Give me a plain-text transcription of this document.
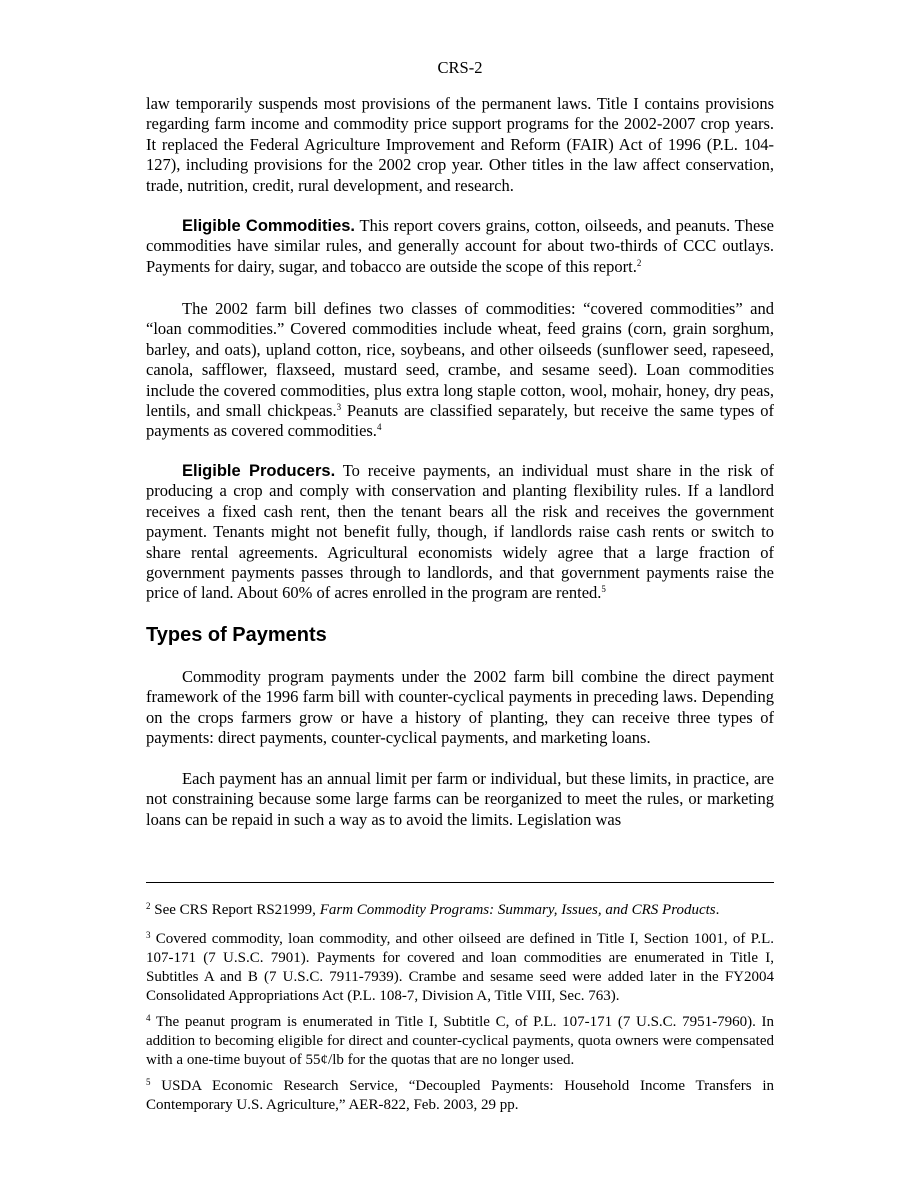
CRS-2

law temporarily suspends most provisions of the permanent laws. Title I contains provisions regarding farm income and commodity price support programs for the 2002-2007 crop years. It replaced the Federal Agriculture Improvement and Reform (FAIR) Act of 1996 (P.L. 104-127), including provisions for the 2002 crop year. Other titles in the law affect conservation, trade, nutrition, credit, rural development, and research.

Eligible Commodities. This report covers grains, cotton, oilseeds, and peanuts. These commodities have similar rules, and generally account for about two-thirds of CCC outlays. Payments for dairy, sugar, and tobacco are outside the scope of this report.$^2$

The 2002 farm bill defines two classes of commodities: “covered commodities” and “loan commodities.” Covered commodities include wheat, feed grains (corn, grain sorghum, barley, and oats), upland cotton, rice, soybeans, and other oilseeds (sunflower seed, rapeseed, canola, safflower, flaxseed, mustard seed, crambe, and sesame seed). Loan commodities include the covered commodities, plus extra long staple cotton, wool, mohair, honey, dry peas, lentils, and small chickpeas.$^3$ Peanuts are classified separately, but receive the same types of payments as covered commodities.$^4$

Eligible Producers. To receive payments, an individual must share in the risk of producing a crop and comply with conservation and planting flexibility rules. If a landlord receives a fixed cash rent, then the tenant bears all the risk and receives the government payment. Tenants might not benefit fully, though, if landlords raise cash rents or switch to share rental agreements. Agricultural economists widely agree that a large fraction of government payments passes through to landlords, and that government payments raise the price of land. About 60% of acres enrolled in the program are rented.$^5$

Types of Payments

Commodity program payments under the 2002 farm bill combine the direct payment framework of the 1996 farm bill with counter-cyclical payments in preceding laws. Depending on the crops farmers grow or have a history of planting, they can receive three types of payments: direct payments, counter-cyclical payments, and marketing loans.

Each payment has an annual limit per farm or individual, but these limits, in practice, are not constraining because some large farms can be reorganized to meet the rules, or marketing loans can be repaid in such a way as to avoid the limits. Legislation was

$^2$ See CRS Report RS21999, Farm Commodity Programs: Summary, Issues, and CRS Products.

$^3$ Covered commodity, loan commodity, and other oilseed are defined in Title I, Section 1001, of P.L. 107-171 (7 U.S.C. 7901). Payments for covered and loan commodities are enumerated in Title I, Subtitles A and B (7 U.S.C. 7911-7939). Crambe and sesame seed were added later in the FY2004 Consolidated Appropriations Act (P.L. 108-7, Division A, Title VIII, Sec. 763).

$^4$ The peanut program is enumerated in Title I, Subtitle C, of P.L. 107-171 (7 U.S.C. 7951-7960). In addition to becoming eligible for direct and counter-cyclical payments, quota owners were compensated with a one-time buyout of 55¢/lb for the quotas that are no longer used.

$^5$ USDA Economic Research Service, “Decoupled Payments: Household Income Transfers in Contemporary U.S. Agriculture,” AER-822, Feb. 2003, 29 pp.
